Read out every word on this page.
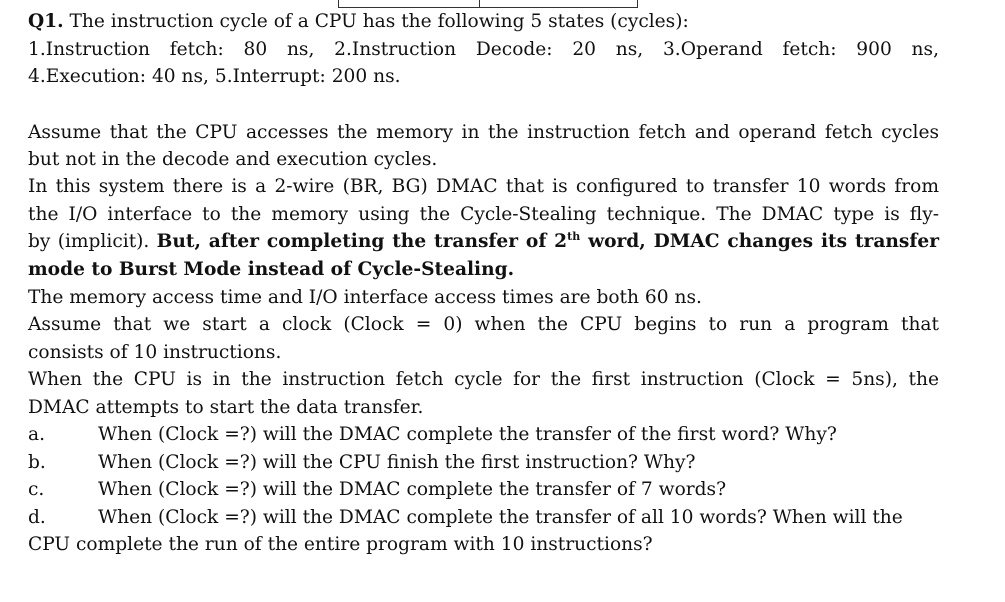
Q1. The instruction cycle of a CPU has the following 5 states (cycles):
1.Instruction fetch: 80 ns, 2.Instruction Decode: 20 ns, 3.Operand fetch: 900 ns,
4.Execution: 40 ns, 5.Interrupt: 200 ns.
Assume that the CPU accesses the memory in the instruction fetch and operand fetch cycles
but not in the decode and execution cycles.
In this system there is a 2-wire (BR, BG) DMAC that is configured to transfer 10 words from
the I/O interface to the memory using the Cycle-Stealing technique. The DMAC type is fly-
by (implicit). But, after completing the transfer of 2th word, DMAC changes its transfer
mode to Burst Mode instead of Cycle-Stealing.
The memory access time and I/O interface access times are both 60 ns.
Assume that we start a clock (Clock = 0) when the CPU begins to run a program that
consists of 10 instructions.
When the CPU is in the instruction fetch cycle for the first instruction (Clock = 5ns), the
DMAC attempts to start the data transfer.
a.	When (Clock =?) will the DMAC complete the transfer of the first word? Why?
b.	When (Clock =?) will the CPU finish the first instruction? Why?
c.	When (Clock =?) will the DMAC complete the transfer of 7 words?
d.	When (Clock =?) will the DMAC complete the transfer of all 10 words? When will the
CPU complete the run of the entire program with 10 instructions?
